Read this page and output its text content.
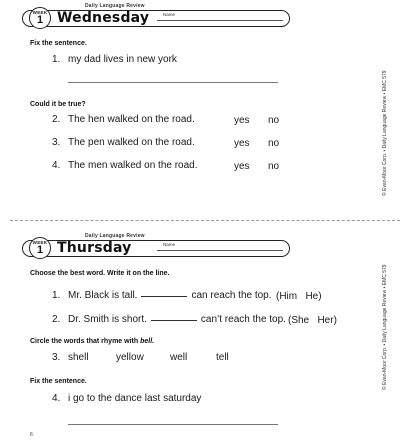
Daily Language Review
WEEK
1 Wednesday	Name
Fix the sentence.
1. my dad lives in new york
Could it be true?
2. The hen walked on the road.	yes no
3. The pen walked on the road.	yes no
4. The men walked on the road.	yes no	© Evan-Moor Corp. • Daily Language Review • EMC 579
Daily Language Review
WEEK
1 Thursday	Name
Choose the best word. Write it on the line.
1. Mr. Black is tall.	can reach the top. (Him   He)
2. Dr. Smith is short.	can’t reach the top. (She   Her)
Circle the words that rhyme with bell.
3. shell	yellow	well	tell
Fix the sentence.
4. i go to the dance last saturday
© Evan-Moor Corp. • Daily Language Review • EMC 579
6
